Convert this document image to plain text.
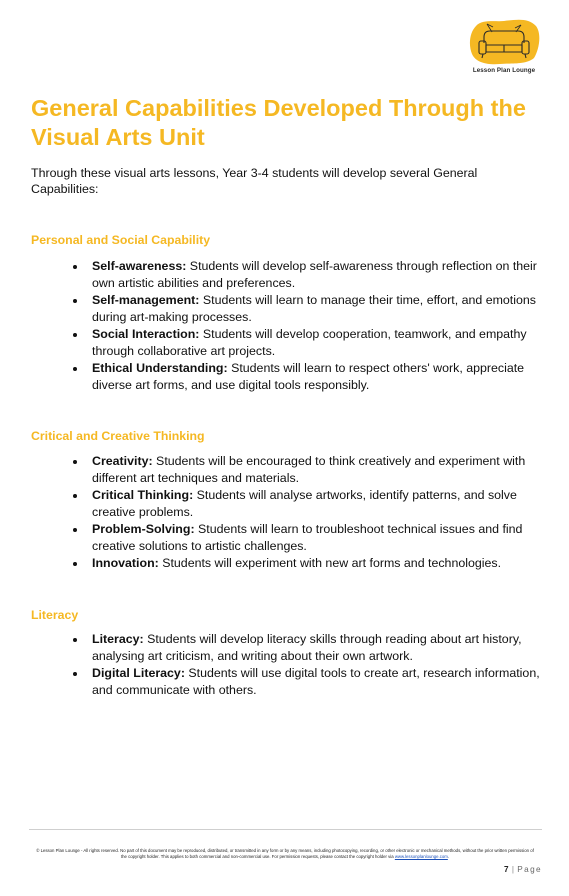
Lesson Plan Lounge
General Capabilities Developed Through the Visual Arts Unit

Through these visual arts lessons, Year 3-4 students will develop several General Capabilities:

Personal and Social Capability
Self-awareness: Students will develop self-awareness through reflection on their own artistic abilities and preferences.
Self-management: Students will learn to manage their time, effort, and emotions during art-making processes.
Social Interaction: Students will develop cooperation, teamwork, and empathy through collaborative art projects.
Ethical Understanding: Students will learn to respect others' work, appreciate diverse art forms, and use digital tools responsibly.
Critical and Creative Thinking
Creativity: Students will be encouraged to think creatively and experiment with different art techniques and materials.
Critical Thinking: Students will analyse artworks, identify patterns, and solve creative problems.
Problem-Solving: Students will learn to troubleshoot technical issues and find creative solutions to artistic challenges.
Innovation: Students will experiment with new art forms and technologies.
Literacy
Literacy: Students will develop literacy skills through reading about art history, analysing art criticism, and writing about their own artwork.
Digital Literacy: Students will use digital tools to create art, research information, and communicate with others.

© Lesson Plan Lounge - All rights reserved. No part of this document may be reproduced, distributed, or transmitted in any form or by any means, including photocopying, recording, or other electronic or mechanical methods, without the prior written permission of the copyright holder. This applies to both commercial and non-commercial use. For permission requests, please contact the copyright holder via www.lessonplanlounge.com.

7 | Page
